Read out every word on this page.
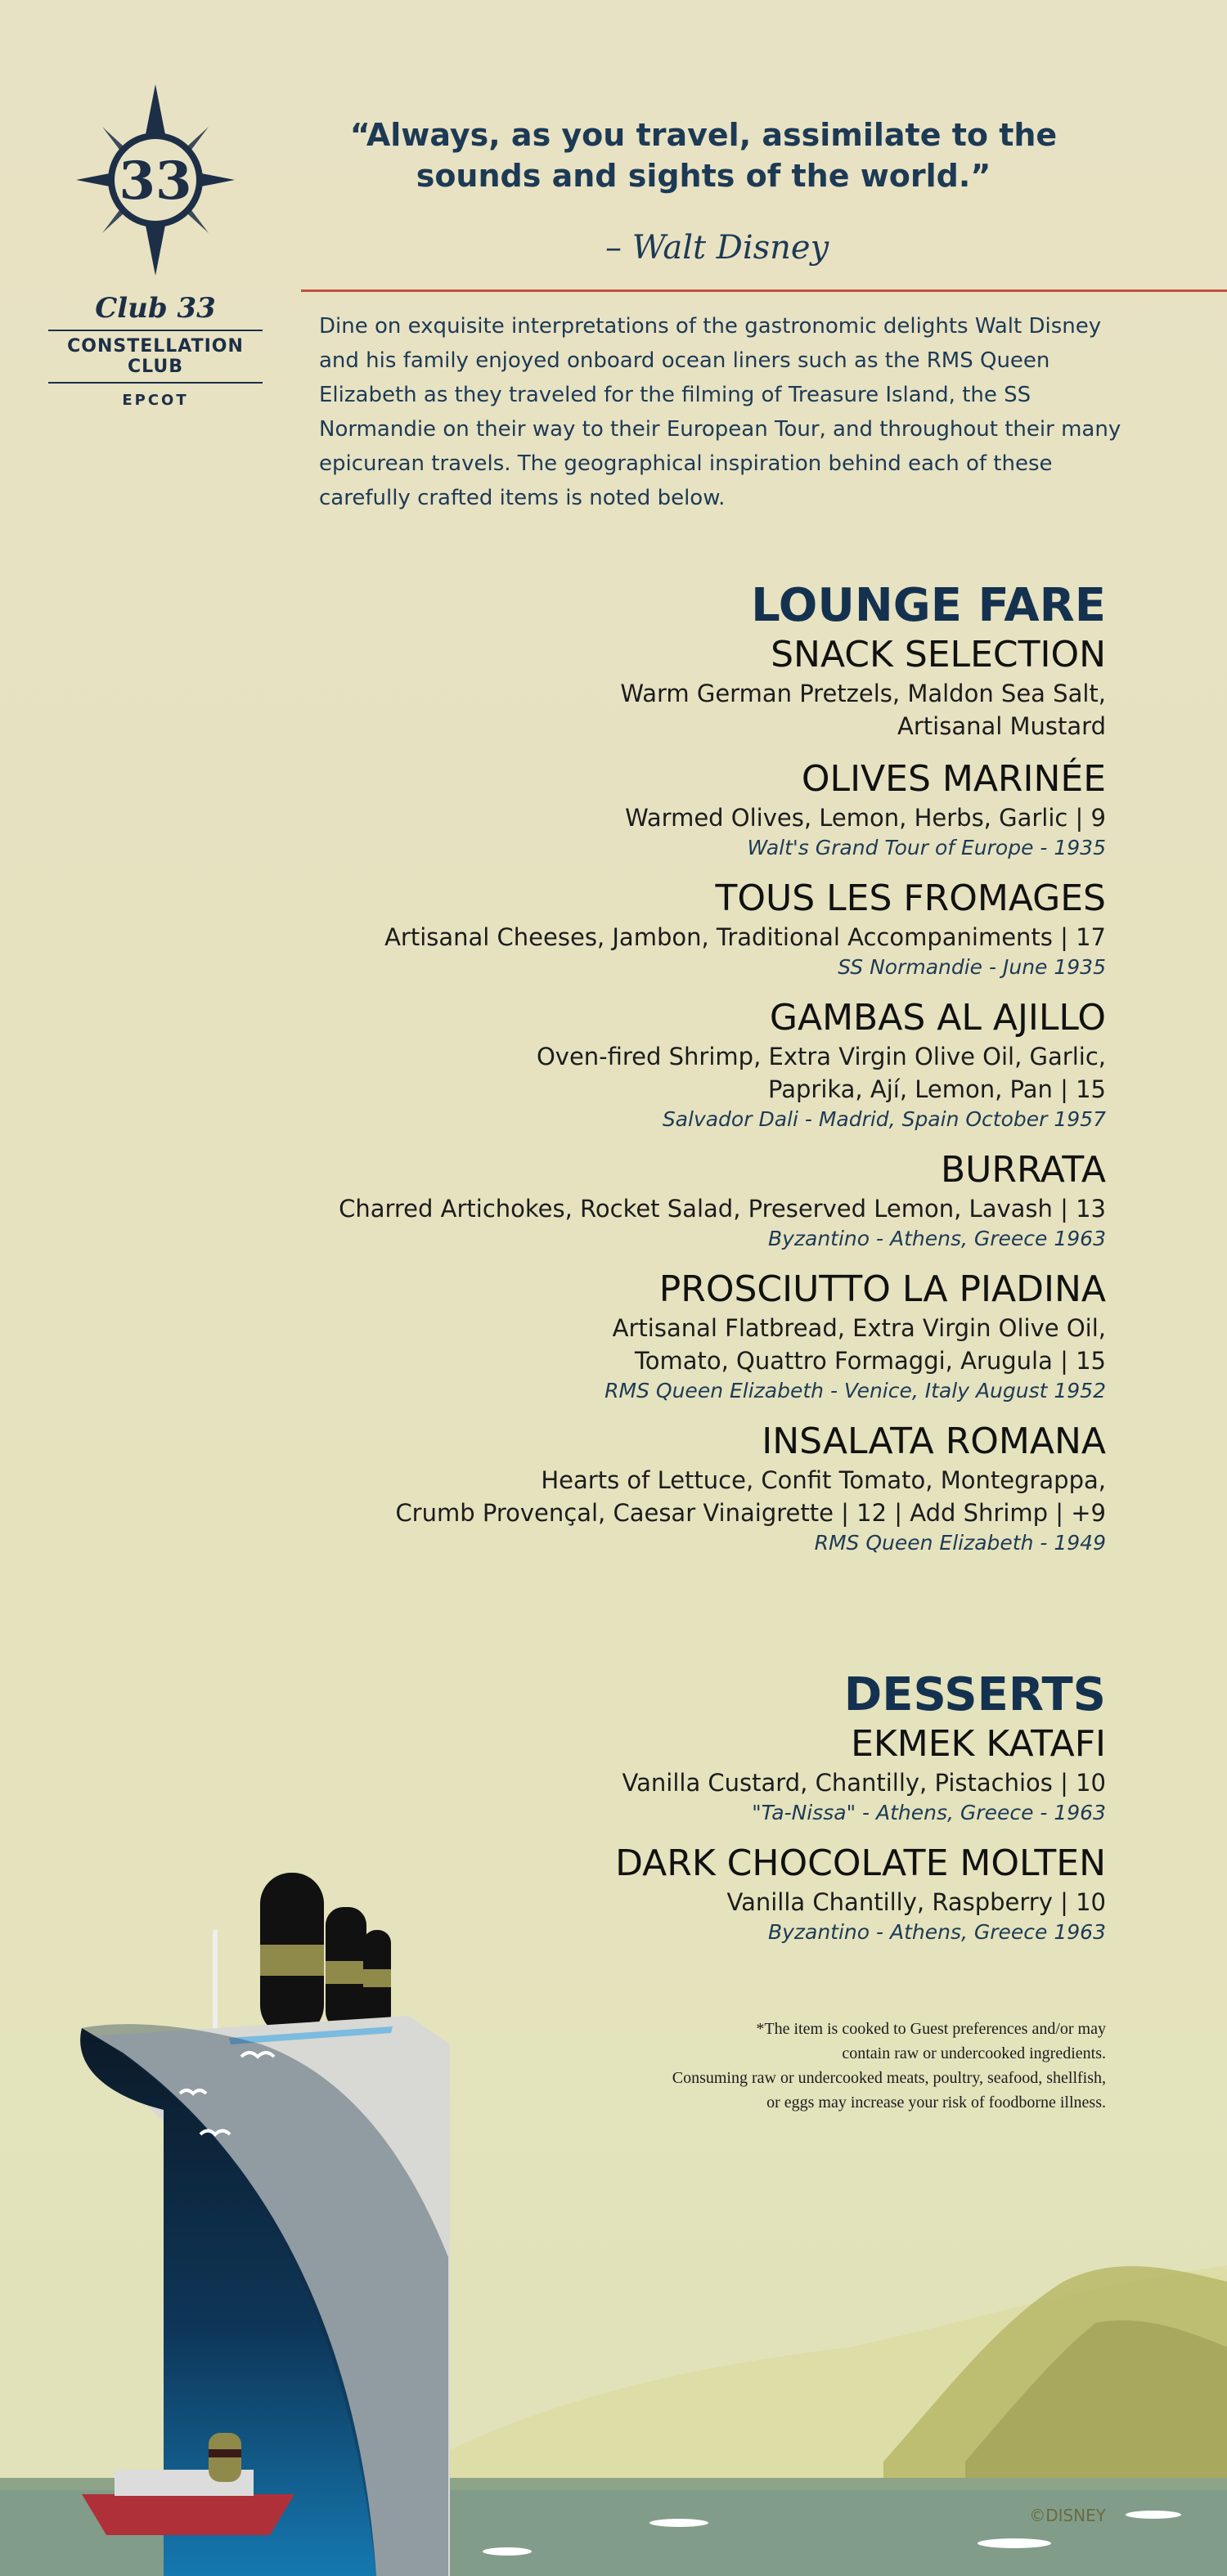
33
Club 33
CONSTELLATION CLUB
EPCOT

“Always, as you travel, assimilate to the
sounds and sights of the world.”

– Walt Disney

Dine on exquisite interpretations of the gastronomic delights Walt Disney and his family enjoyed onboard ocean liners such as the RMS Queen Elizabeth as they traveled for the filming of Treasure Island, the SS Normandie on their way to their European Tour, and throughout their many epicurean travels. The geographical inspiration behind each of these carefully crafted items is noted below.

LOUNGE FARE

SNACK SELECTION

Warm German Pretzels, Maldon Sea Salt,

Artisanal Mustard

OLIVES MARINÉE

Warmed Olives, Lemon, Herbs, Garlic | 9

Walt's Grand Tour of Europe - 1935

TOUS LES FROMAGES

Artisanal Cheeses, Jambon, Traditional Accompaniments | 17

SS Normandie - June 1935

GAMBAS AL AJILLO

Oven-fired Shrimp, Extra Virgin Olive Oil, Garlic,

Paprika, Ají, Lemon, Pan | 15

Salvador Dali - Madrid, Spain October 1957

BURRATA

Charred Artichokes, Rocket Salad, Preserved Lemon, Lavash | 13

Byzantino - Athens, Greece 1963

PROSCIUTTO LA PIADINA

Artisanal Flatbread, Extra Virgin Olive Oil,

Tomato, Quattro Formaggi, Arugula | 15

RMS Queen Elizabeth - Venice, Italy August 1952

INSALATA ROMANA

Hearts of Lettuce, Confit Tomato, Montegrappa,

Crumb Provençal, Caesar Vinaigrette | 12 | Add Shrimp | +9

RMS Queen Elizabeth - 1949

DESSERTS

EKMEK KATAFI

Vanilla Custard, Chantilly, Pistachios | 10

"Ta-Nissa" - Athens, Greece - 1963

DARK CHOCOLATE MOLTEN

Vanilla Chantilly, Raspberry | 10

Byzantino - Athens, Greece 1963

*The item is cooked to Guest preferences and/or may
contain raw or undercooked ingredients.
Consuming raw or undercooked meats, poultry, seafood, shellfish,
or eggs may increase your risk of foodborne illness.

©DISNEY
